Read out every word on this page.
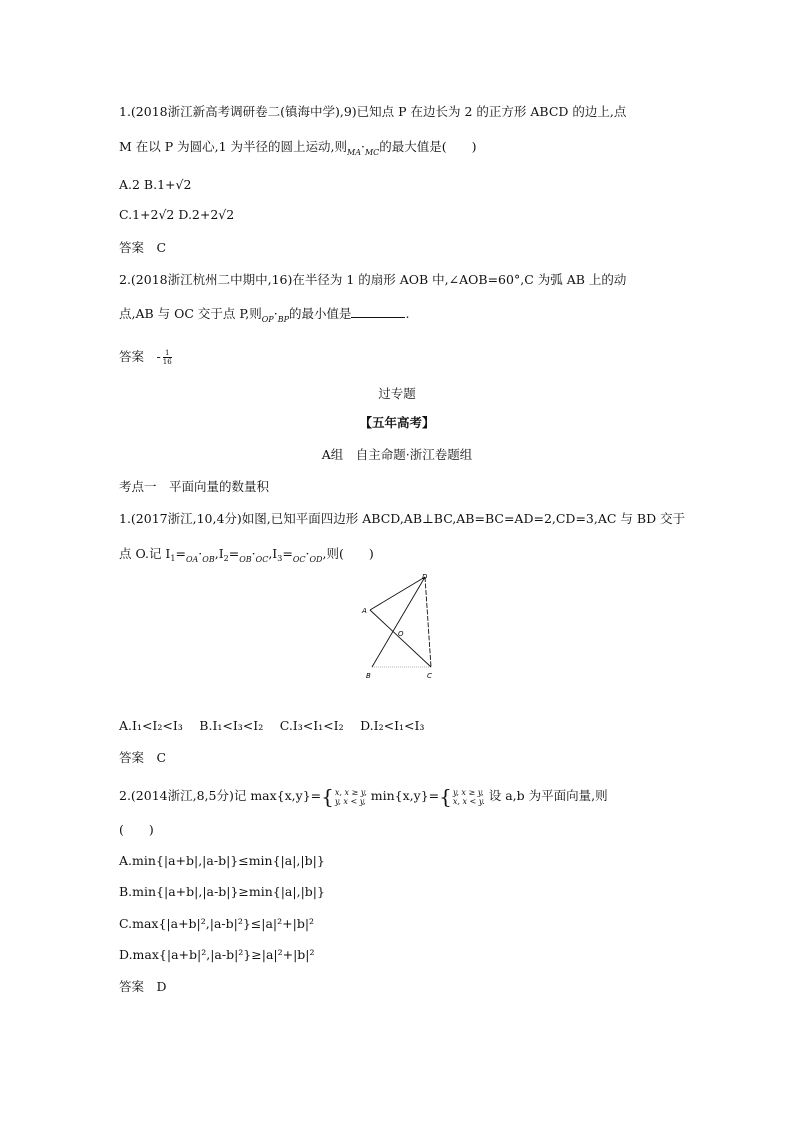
1.(2018浙江新高考调研卷二(镇海中学),9)已知点 P 在边长为 2 的正方形 ABCD 的边上,点
M 在以 P 为圆心,1 为半径的圆上运动,则$_{MA}\cdot_{MC}$的最大值是(　　)
A.2 B.1+√2
C.1+2√2 D.2+2√2
答案　C
2.(2018浙江杭州二中期中,16)在半径为 1 的扇形 AOB 中,∠AOB=60°,C 为弧 AB 上的动
点,AB 与 OC 交于点 P,则$_{OP}\cdot_{BP}$的最小值是	.
答案　- $\frac{1}{16}$
过专题
【五年高考】
A组　自主命题·浙江卷题组
考点一　平面向量的数量积
1.(2017浙江,10,4分)如图,已知平面四边形 ABCD,AB⊥BC,AB=BC=AD=2,CD=3,AC 与 BD 交于
点 O.记 $I_1=_{OA}\cdot_{OB},I_2=_{OB}\cdot_{OC},I_3=_{OC}\cdot_{OD}$,则(　　)
A
B	C
D
O
A.I₁<I₂<I₃　 B.I₁<I₃<I₂　 C.I₃<I₁<I₂　 D.I₂<I₁<I₃
答案　C
2.(2014浙江,8,5分)记 max{x,y}={ x, x ≥ y,
y, x < y, min{x,y}={ y, x ≥ y,
x, x < y. 设 a,b 为平面向量,则
(　　)
A.min{|a+b|,|a-b|}≤min{|a|,|b|}
B.min{|a+b|,|a-b|}≥min{|a|,|b|}
C.max{|a+b|²,|a-b|²}≤|a|²+|b|²
D.max{|a+b|²,|a-b|²}≥|a|²+|b|²
答案　D
